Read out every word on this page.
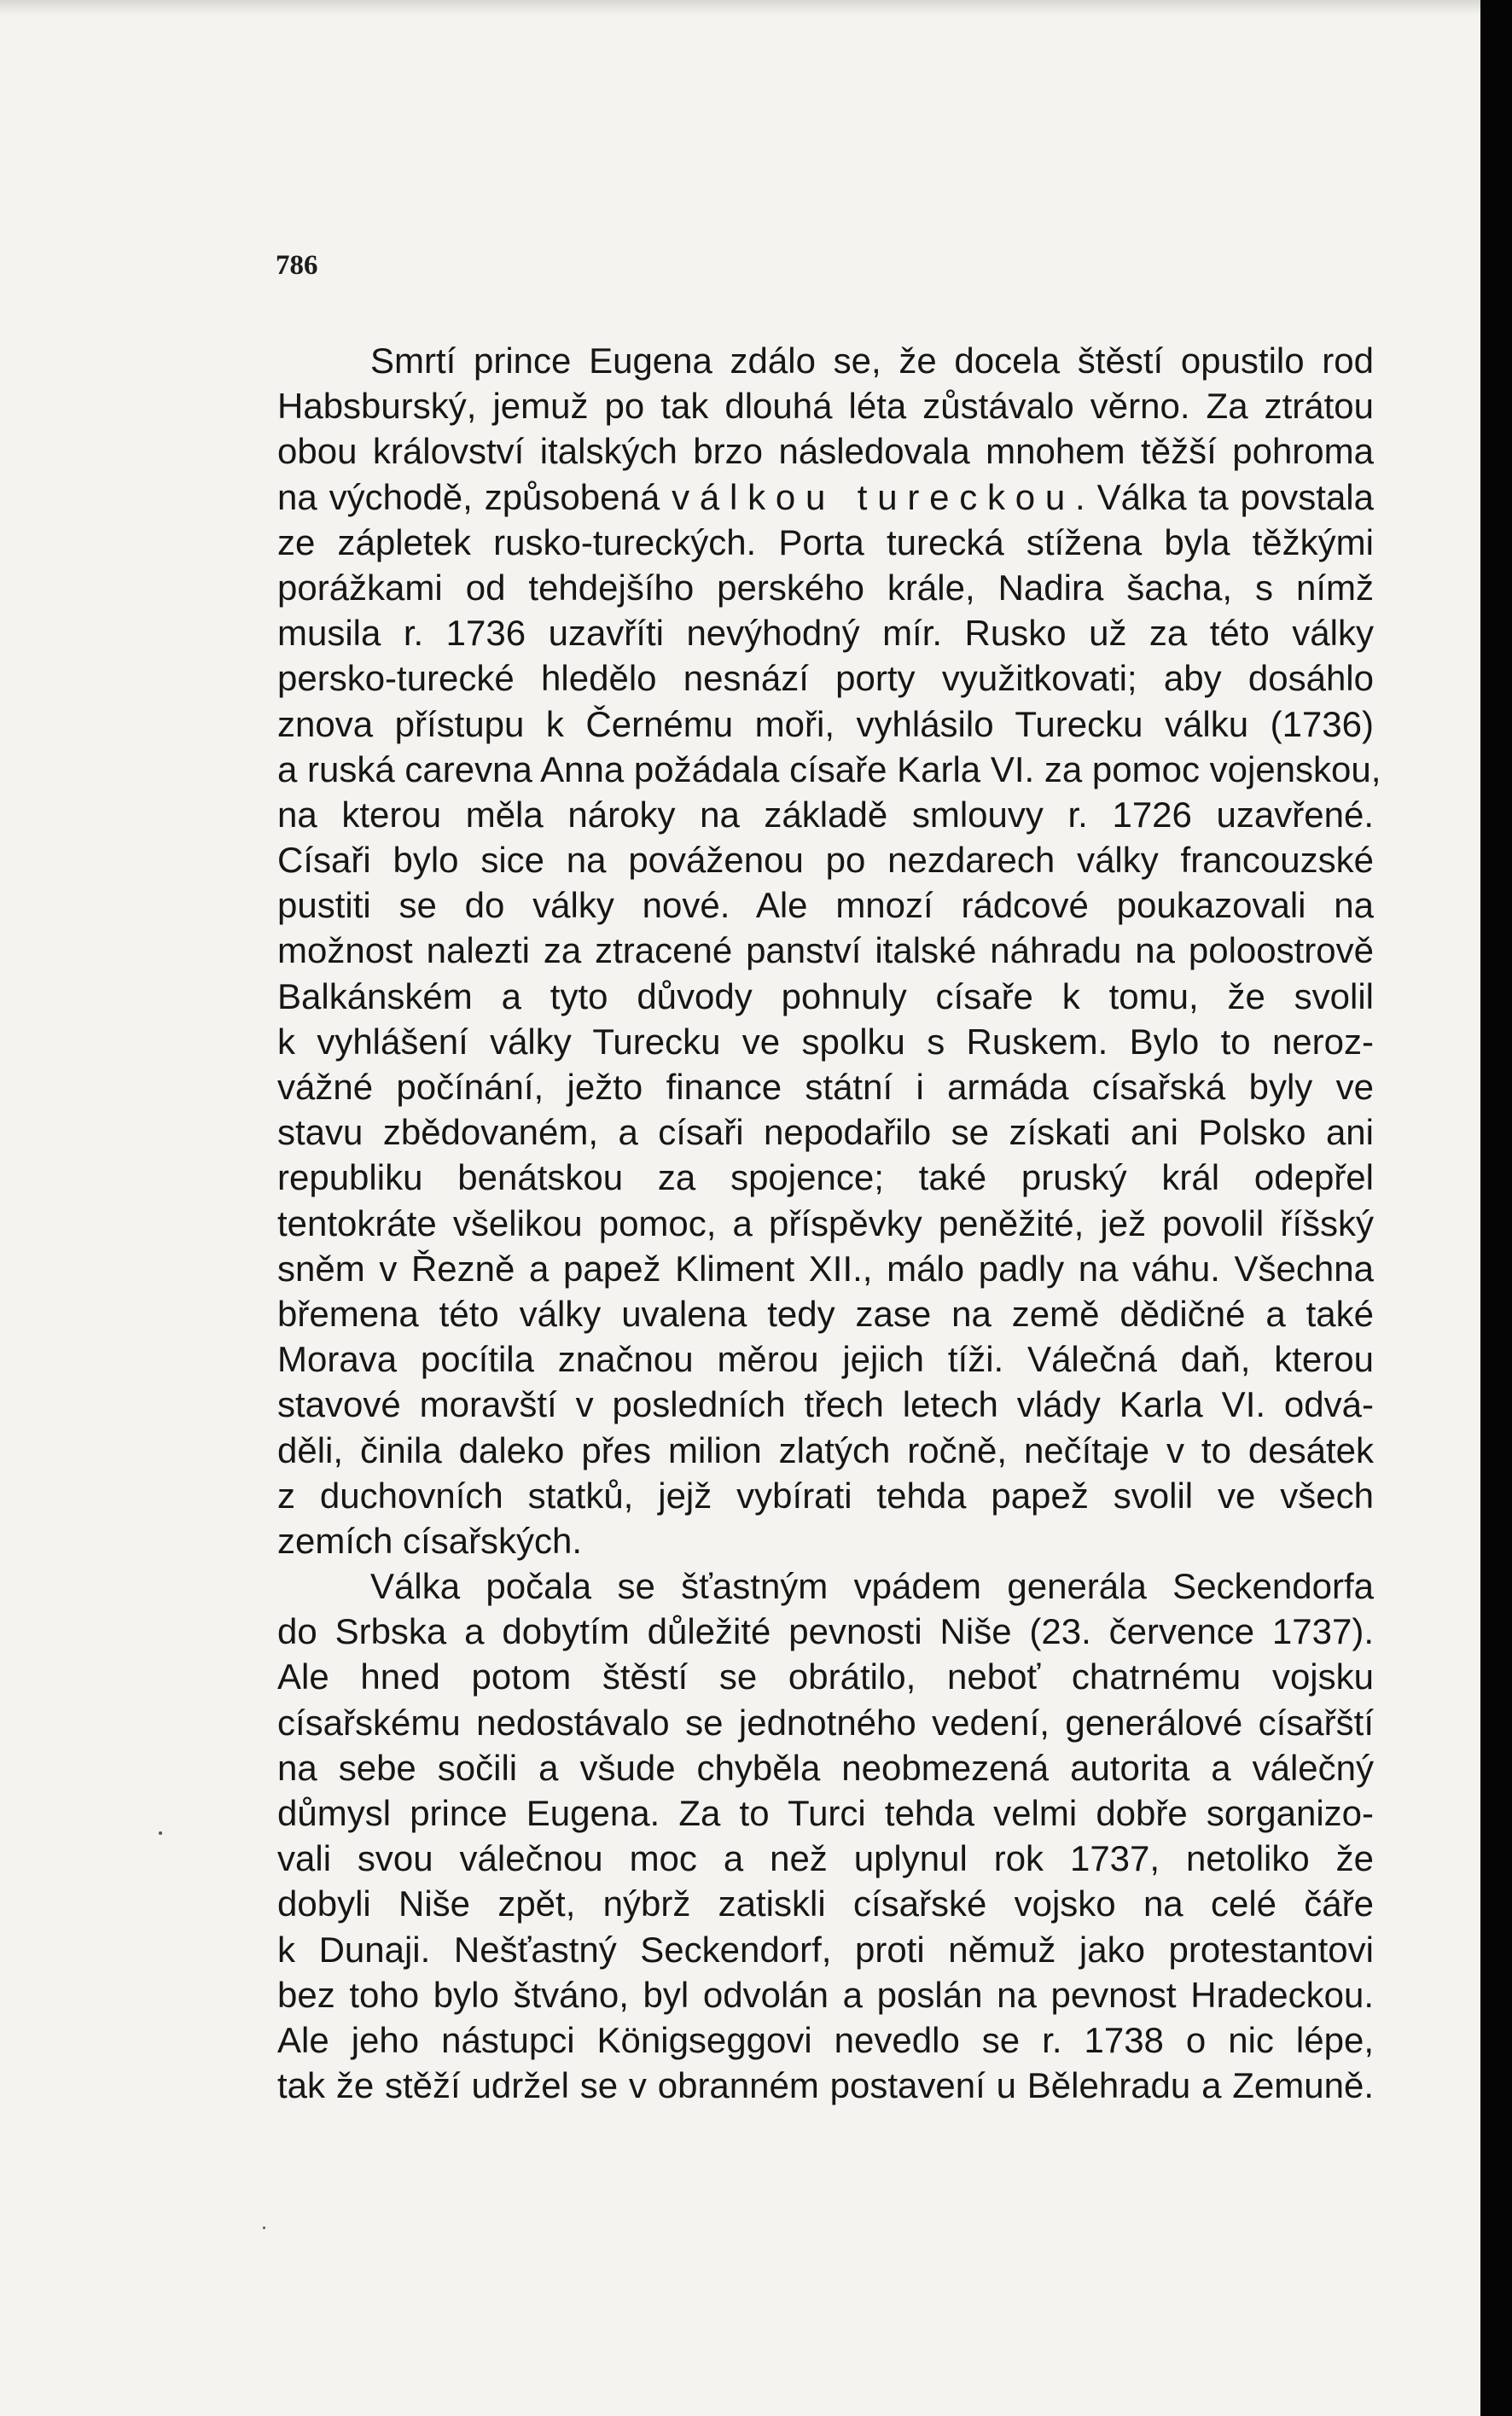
786

Smrtí prince Eugena zdálo se, že docela štěstí opustilo rod
Habsburský, jemuž po tak dlouhá léta zůstávalo věrno. Za ztrátou
obou království italských brzo následovala mnohem těžší pohroma
na východě, způsobená válkou tureckou. Válka ta povstala
ze zápletek rusko-tureckých. Porta turecká stížena byla těžkými
porážkami od tehdejšího perského krále, Nadira šacha, s nímž
musila r. 1736 uzavříti nevýhodný mír. Rusko už za této války
persko-turecké hledělo nesnází porty využitkovati; aby dosáhlo
znova přístupu k Černému moři, vyhlásilo Turecku válku (1736)
a ruská carevna Anna požádala císaře Karla VI. za pomoc vojenskou,
na kterou měla nároky na základě smlouvy r. 1726 uzavřené.
Císaři bylo sice na pováženou po nezdarech války francouzské
pustiti se do války nové. Ale mnozí rádcové poukazovali na
možnost nalezti za ztracené panství italské náhradu na poloostrově
Balkánském a tyto důvody pohnuly císaře k tomu, že svolil
k vyhlášení války Turecku ve spolku s Ruskem. Bylo to neroz-
vážné počínání, ježto finance státní i armáda císařská byly ve
stavu zbědovaném, a císaři nepodařilo se získati ani Polsko ani
republiku benátskou za spojence; také pruský král odepřel
tentokráte všelikou pomoc, a příspěvky peněžité, jež povolil říšský
sněm v Řezně a papež Kliment XII., málo padly na váhu. Všechna
břemena této války uvalena tedy zase na země dědičné a také
Morava pocítila značnou měrou jejich tíži. Válečná daň, kterou
stavové moravští v posledních třech letech vlády Karla VI. odvá-
děli, činila daleko přes milion zlatých ročně, nečítaje v to desátek
z duchovních statků, jejž vybírati tehda papež svolil ve všech
zemích císařských.
Válka počala se šťastným vpádem generála Seckendorfa
do Srbska a dobytím důležité pevnosti Niše (23. července 1737).
Ale hned potom štěstí se obrátilo, neboť chatrnému vojsku
císařskému nedostávalo se jednotného vedení, generálové císařští
na sebe sočili a všude chyběla neobmezená autorita a válečný
důmysl prince Eugena. Za to Turci tehda velmi dobře sorganizo-
vali svou válečnou moc a než uplynul rok 1737, netoliko že
dobyli Niše zpět, nýbrž zatiskli císařské vojsko na celé čáře
k Dunaji. Nešťastný Seckendorf, proti němuž jako protestantovi
bez toho bylo štváno, byl odvolán a poslán na pevnost Hradeckou.
Ale jeho nástupci Königseggovi nevedlo se r. 1738 o nic lépe,
tak že stěží udržel se v obranném postavení u Bělehradu a Zemuně.
